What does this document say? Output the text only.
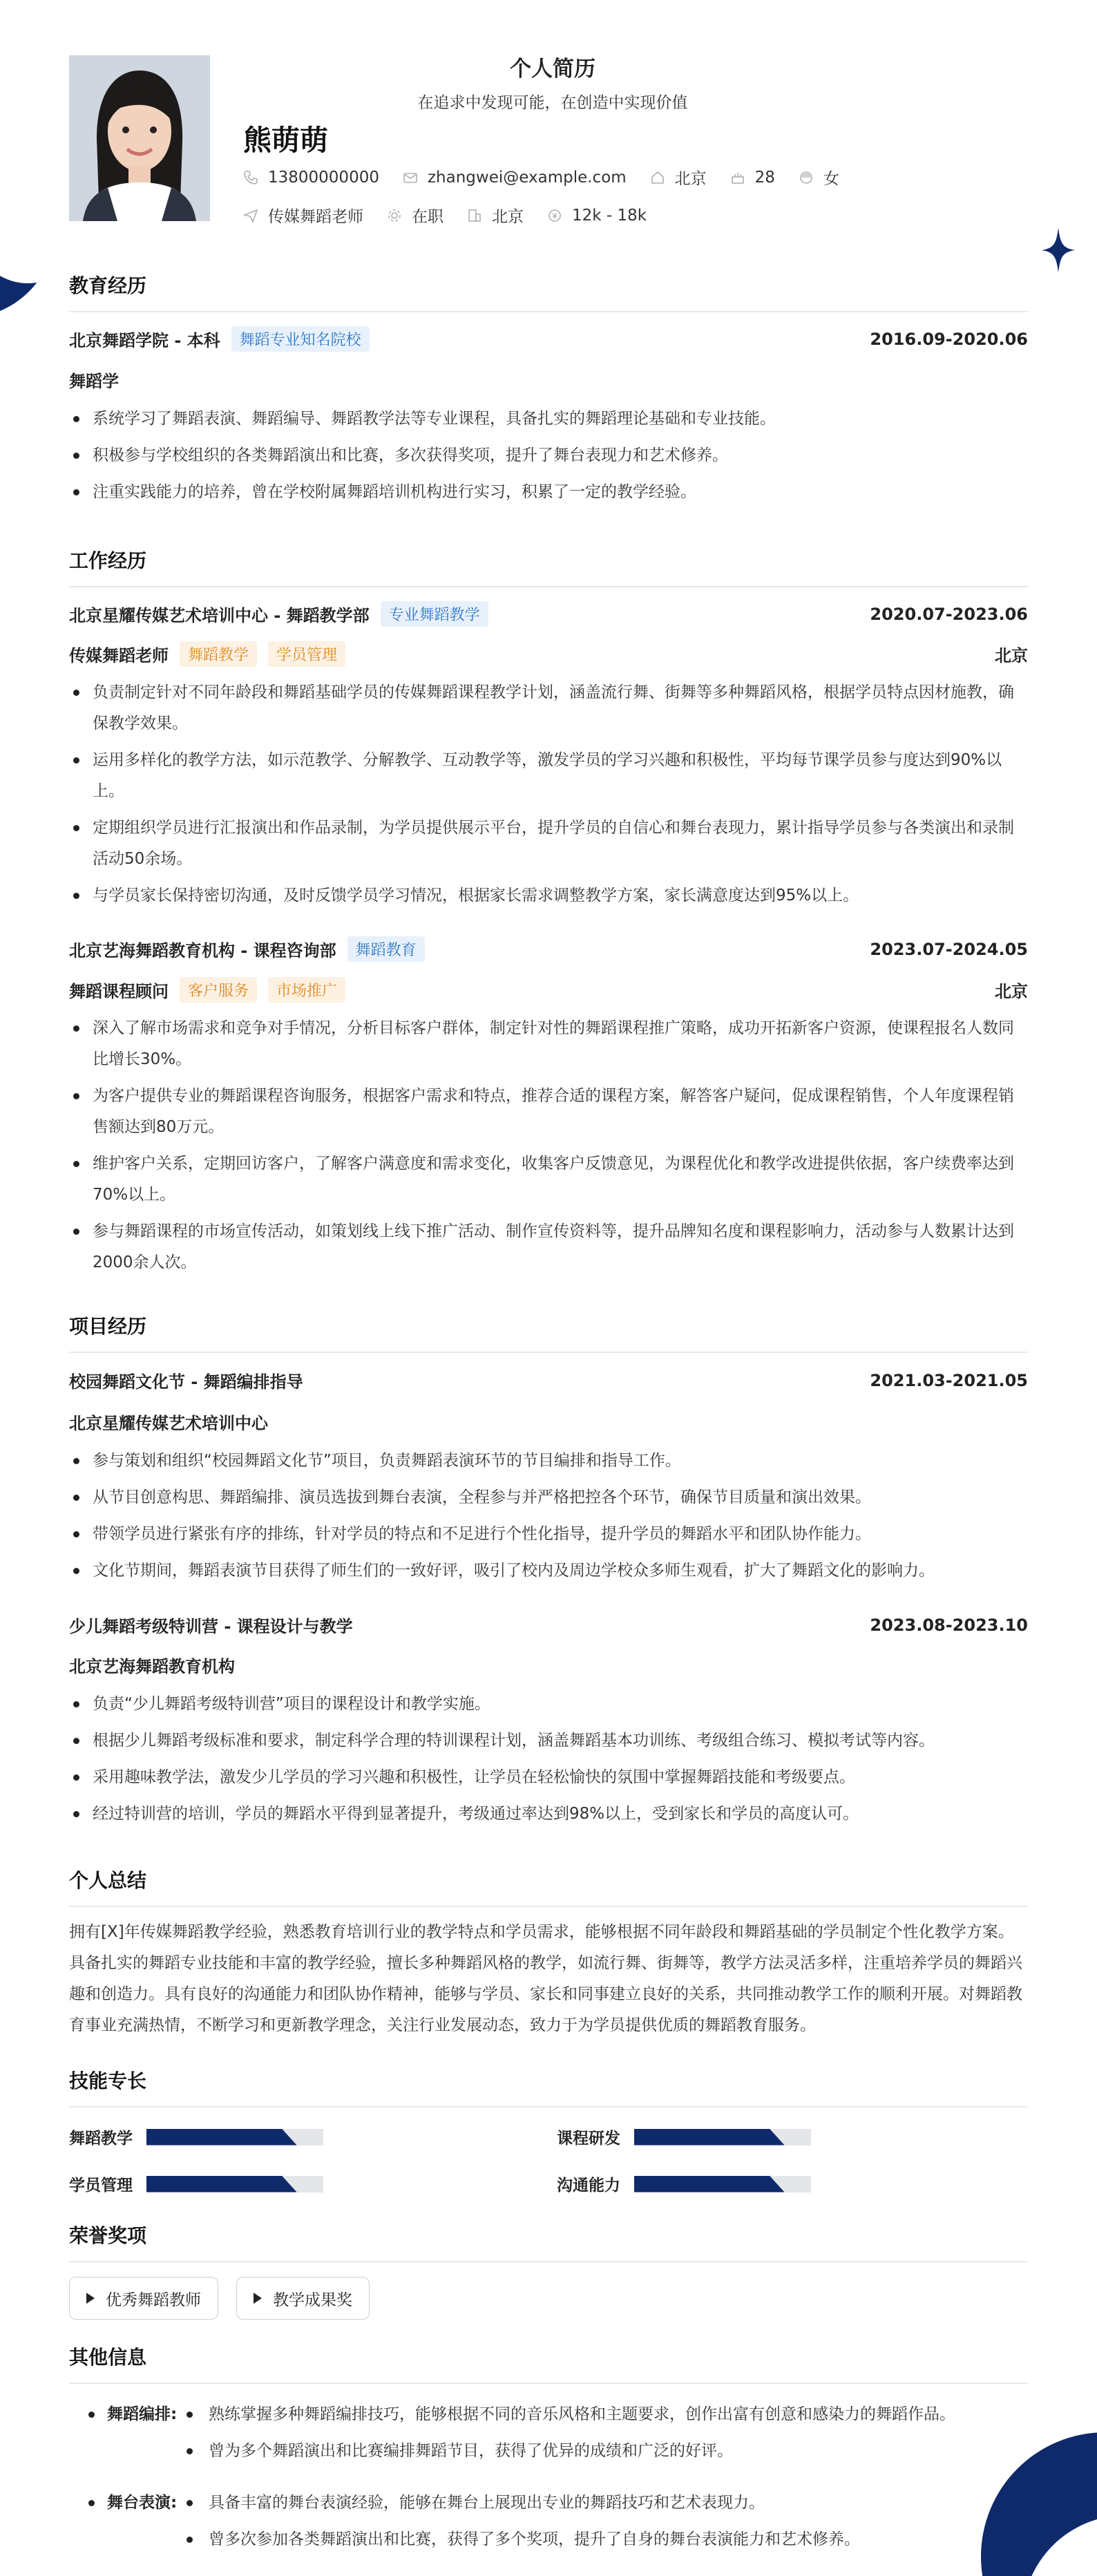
个人简历
在追求中发现可能，在创造中实现价值
熊萌萌
13800000000	zhangwei@example.com	北京	28	女
传媒舞蹈老师	在职	北京	12k - 18k
教育经历
北京舞蹈学院 - 本科	舞蹈专业知名院校	2016.09-2020.06
舞蹈学
系统学习了舞蹈表演、舞蹈编导、舞蹈教学法等专业课程，具备扎实的舞蹈理论基础和专业技能。
积极参与学校组织的各类舞蹈演出和比赛，多次获得奖项，提升了舞台表现力和艺术修养。
注重实践能力的培养，曾在学校附属舞蹈培训机构进行实习，积累了一定的教学经验。
工作经历
北京星耀传媒艺术培训中心 - 舞蹈教学部	专业舞蹈教学	2020.07-2023.06
传媒舞蹈老师	舞蹈教学	学员管理	北京
负责制定针对不同年龄段和舞蹈基础学员的传媒舞蹈课程教学计划，涵盖流行舞、街舞等多种舞蹈风格，根据学员特点因材施教，确保教学效果。
运用多样化的教学方法，如示范教学、分解教学、互动教学等，激发学员的学习兴趣和积极性，平均每节课学员参与度达到90%以上。
定期组织学员进行汇报演出和作品录制，为学员提供展示平台，提升学员的自信心和舞台表现力，累计指导学员参与各类演出和录制活动50余场。
与学员家长保持密切沟通，及时反馈学员学习情况，根据家长需求调整教学方案，家长满意度达到95%以上。
北京艺海舞蹈教育机构 - 课程咨询部	舞蹈教育	2023.07-2024.05
舞蹈课程顾问	客户服务	市场推广	北京
深入了解市场需求和竞争对手情况，分析目标客户群体，制定针对性的舞蹈课程推广策略，成功开拓新客户资源，使课程报名人数同比增长30%。
为客户提供专业的舞蹈课程咨询服务，根据客户需求和特点，推荐合适的课程方案，解答客户疑问，促成课程销售，个人年度课程销售额达到80万元。
维护客户关系，定期回访客户，了解客户满意度和需求变化，收集客户反馈意见，为课程优化和教学改进提供依据，客户续费率达到70%以上。
参与舞蹈课程的市场宣传活动，如策划线上线下推广活动、制作宣传资料等，提升品牌知名度和课程影响力，活动参与人数累计达到2000余人次。
项目经历
校园舞蹈文化节 - 舞蹈编排指导	2021.03-2021.05
北京星耀传媒艺术培训中心
参与策划和组织“校园舞蹈文化节”项目，负责舞蹈表演环节的节目编排和指导工作。
从节目创意构思、舞蹈编排、演员选拔到舞台表演，全程参与并严格把控各个环节，确保节目质量和演出效果。
带领学员进行紧张有序的排练，针对学员的特点和不足进行个性化指导，提升学员的舞蹈水平和团队协作能力。
文化节期间，舞蹈表演节目获得了师生们的一致好评，吸引了校内及周边学校众多师生观看，扩大了舞蹈文化的影响力。
少儿舞蹈考级特训营 - 课程设计与教学	2023.08-2023.10
北京艺海舞蹈教育机构
负责“少儿舞蹈考级特训营”项目的课程设计和教学实施。
根据少儿舞蹈考级标准和要求，制定科学合理的特训课程计划，涵盖舞蹈基本功训练、考级组合练习、模拟考试等内容。
采用趣味教学法，激发少儿学员的学习兴趣和积极性，让学员在轻松愉快的氛围中掌握舞蹈技能和考级要点。
经过特训营的培训，学员的舞蹈水平得到显著提升，考级通过率达到98%以上，受到家长和学员的高度认可。
个人总结
拥有[X]年传媒舞蹈教学经验，熟悉教育培训行业的教学特点和学员需求，能够根据不同年龄段和舞蹈基础的学员制定个性化教学方案。具备扎实的舞蹈专业技能和丰富的教学经验，擅长多种舞蹈风格的教学，如流行舞、街舞等，教学方法灵活多样，注重培养学员的舞蹈兴趣和创造力。具有良好的沟通能力和团队协作精神，能够与学员、家长和同事建立良好的关系，共同推动教学工作的顺利开展。对舞蹈教育事业充满热情，不断学习和更新教学理念，关注行业发展动态，致力于为学员提供优质的舞蹈教育服务。
技能专长
舞蹈教学	课程研发
学员管理	沟通能力
荣誉奖项
优秀舞蹈教师	教学成果奖
其他信息
舞蹈编排:	熟练掌握多种舞蹈编排技巧，能够根据不同的音乐风格和主题要求，创作出富有创意和感染力的舞蹈作品。
曾为多个舞蹈演出和比赛编排舞蹈节目，获得了优异的成绩和广泛的好评。
舞台表演:	具备丰富的舞台表演经验，能够在舞台上展现出专业的舞蹈技巧和艺术表现力。
曾多次参加各类舞蹈演出和比赛，获得了多个奖项，提升了自身的舞台表演能力和艺术修养。
